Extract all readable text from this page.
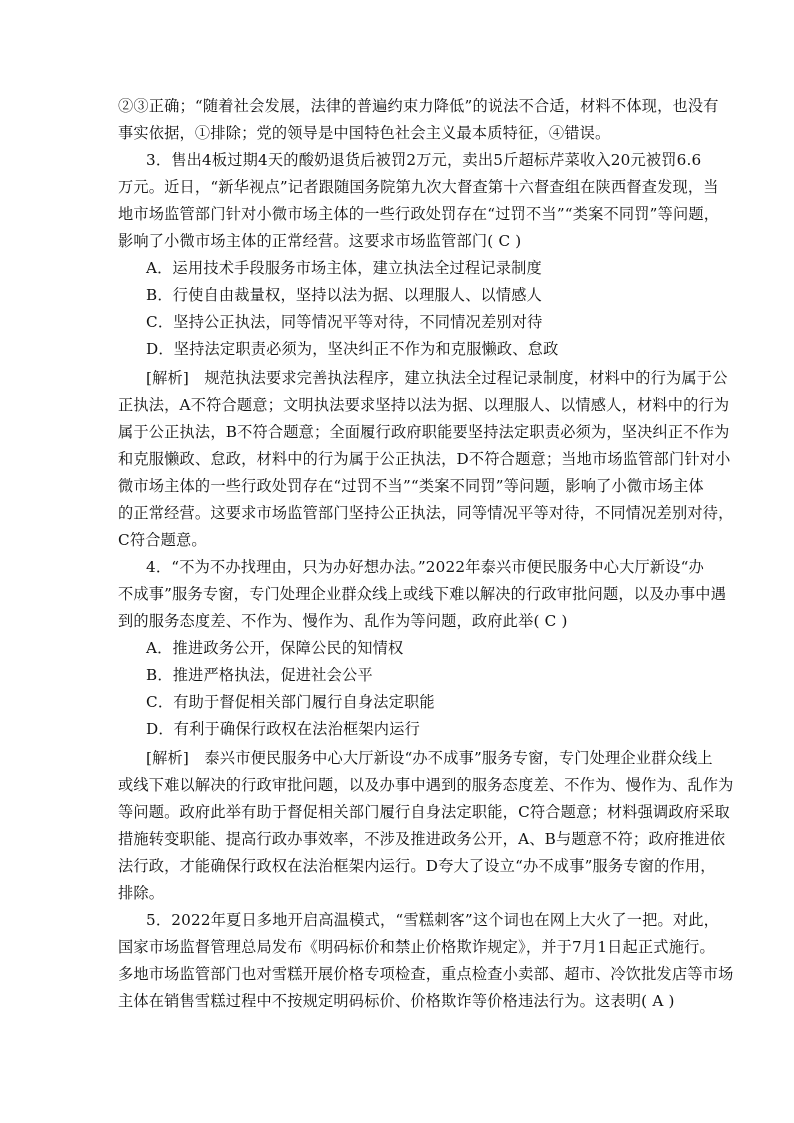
②③正确；“随着社会发展，法律的普遍约束力降低”的说法不合适，材料不体现，也没有
事实依据，①排除；党的领导是中国特色社会主义最本质特征，④错误。
3．售出4板过期4天的酸奶退货后被罚2万元，卖出5斤超标芹菜收入20元被罚6.6
万元。近日，“新华视点”记者跟随国务院第九次大督查第十六督查组在陕西督查发现，当
地市场监管部门针对小微市场主体的一些行政处罚存在“过罚不当”“类案不同罚”等问题，
影响了小微市场主体的正常经营。这要求市场监管部门( C )
A．运用技术手段服务市场主体，建立执法全过程记录制度
B．行使自由裁量权，坚持以法为据、以理服人、以情感人
C．坚持公正执法，同等情况平等对待，不同情况差别对待
D．坚持法定职责必须为，坚决纠正不作为和克服懒政、怠政
[解析]　规范执法要求完善执法程序，建立执法全过程记录制度，材料中的行为属于公
正执法，A不符合题意；文明执法要求坚持以法为据、以理服人、以情感人，材料中的行为
属于公正执法，B不符合题意；全面履行政府职能要坚持法定职责必须为，坚决纠正不作为
和克服懒政、怠政，材料中的行为属于公正执法，D不符合题意；当地市场监管部门针对小
微市场主体的一些行政处罚存在“过罚不当”“类案不同罚”等问题，影响了小微市场主体
的正常经营。这要求市场监管部门坚持公正执法，同等情况平等对待，不同情况差别对待，
C符合题意。
4．“不为不办找理由，只为办好想办法。”2022年泰兴市便民服务中心大厅新设“办
不成事”服务专窗，专门处理企业群众线上或线下难以解决的行政审批问题，以及办事中遇
到的服务态度差、不作为、慢作为、乱作为等问题，政府此举( C )
A．推进政务公开，保障公民的知情权
B．推进严格执法，促进社会公平
C．有助于督促相关部门履行自身法定职能
D．有利于确保行政权在法治框架内运行
[解析]　泰兴市便民服务中心大厅新设“办不成事”服务专窗，专门处理企业群众线上
或线下难以解决的行政审批问题，以及办事中遇到的服务态度差、不作为、慢作为、乱作为
等问题。政府此举有助于督促相关部门履行自身法定职能，C符合题意；材料强调政府采取
措施转变职能、提高行政办事效率，不涉及推进政务公开，A、B与题意不符；政府推进依
法行政，才能确保行政权在法治框架内运行。D夸大了设立“办不成事”服务专窗的作用，
排除。
5．2022年夏日多地开启高温模式，“雪糕刺客”这个词也在网上大火了一把。对此，
国家市场监督管理总局发布《明码标价和禁止价格欺诈规定》，并于7月1日起正式施行。
多地市场监管部门也对雪糕开展价格专项检查，重点检查小卖部、超市、冷饮批发店等市场
主体在销售雪糕过程中不按规定明码标价、价格欺诈等价格违法行为。这表明( A )
